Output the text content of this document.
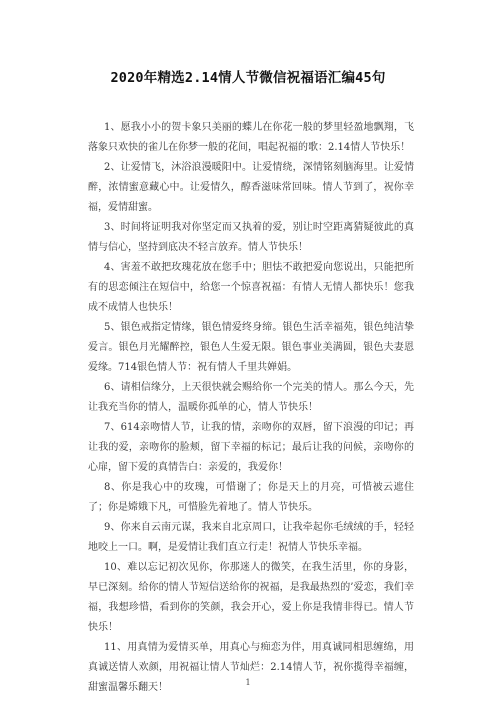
2020年精选2.14情人节微信祝福语汇编45句

1、愿我小小的贺卡象只美丽的蝶儿在你花一般的梦里轻盈地飘翔，飞落象只欢快的雀儿在你梦一般的花间，唱起祝福的歌：2.14情人节快乐！

2、让爱情飞，沐浴浪漫暖阳中。让爱情绕，深情铭刻脑海里。让爱情醉，浓情蜜意藏心中。让爱情久，醇香滋味常回味。情人节到了，祝你幸福，爱情甜蜜。

3、时间将证明我对你坚定而又执着的爱，别让时空距离猜疑彼此的真情与信心，坚持到底决不轻言放弃。情人节快乐！

4、害羞不敢把玫瑰花放在您手中；胆怯不敢把爱向您说出，只能把所有的思恋倾注在短信中，给您一个惊喜祝福：有情人无情人都快乐！您我成不成情人也快乐！

5、银色戒指定情缘，银色情爱终身缔。银色生活幸福苑，银色纯洁挚爱言。银色月光耀醉控，银色人生爱无限。银色事业美满圆，银色夫妻恩爱缘。714银色情人节：祝有情人千里共婵娟。

6、请相信缘分，上天很快就会赐给你一个完美的情人。那么今天，先让我充当你的情人，温暖你孤单的心，情人节快乐！

7、614亲吻情人节，让我的情，亲吻你的双唇，留下浪漫的印记；再让我的爱，亲吻你的脸颊，留下幸福的标记；最后让我的问候，亲吻你的心扉，留下爱的真情告白：亲爱的，我爱你！

8、你是我心中的玫瑰，可惜谢了；你是天上的月亮，可惜被云遮住了；你是嫦娥下凡，可惜脸先着地了。情人节快乐。

9、你来自云南元谋，我来自北京周口，让我牵起你毛绒绒的手，轻轻地咬上一口。啊，是爱情让我们直立行走！祝情人节快乐幸福。

10、难以忘记初次见你，你那迷人的微笑，在我生活里，你的身影，早已深刻。给你的情人节短信送给你的祝福，是我最热烈的’爱恋，我们幸福，我想珍惜，看到你的笑颜，我会开心，爱上你是我情非得已。情人节快乐！

11、用真情为爱情买单，用真心与痴恋为伴，用真诚同相思缠绵，用真诚送情人欢颜，用祝福让情人节灿烂：2.14情人节，祝你揽得幸福缠，甜蜜温馨乐翻天！	1
